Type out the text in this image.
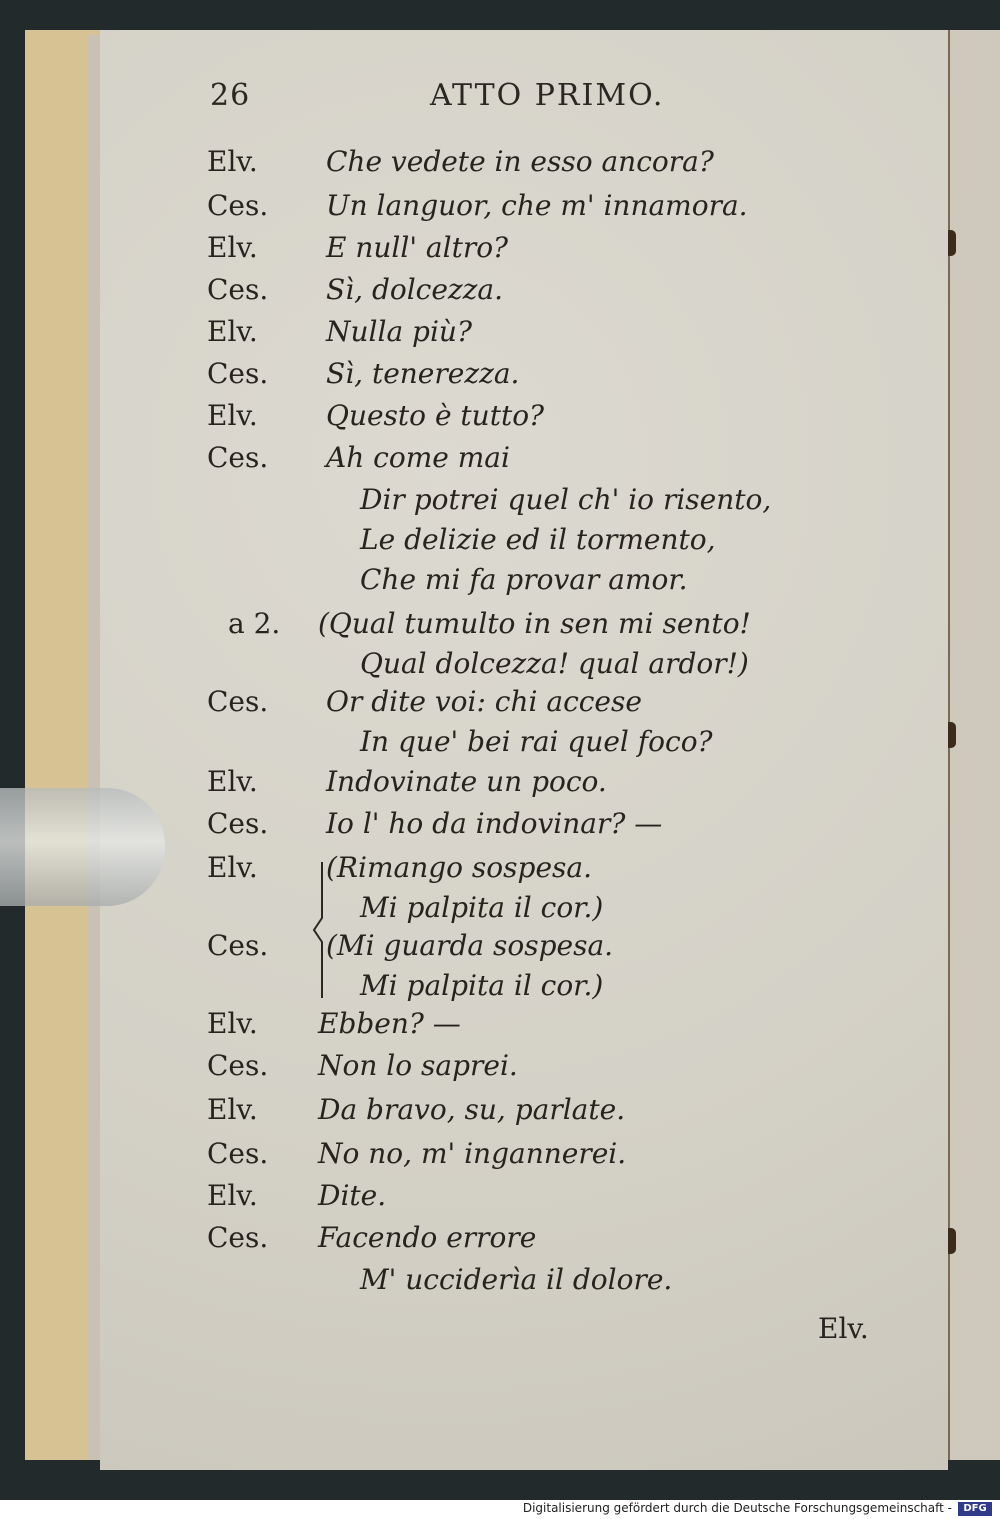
26	ATTO PRIMO.
Elv. Che vedete in esso ancora?
Ces. Un languor, che m' innamora.
Elv. E null' altro?
Ces. Sì, dolcezza.
Elv. Nulla più?
Ces. Sì, tenerezza.
Elv. Questo è tutto?
Ces. Ah come mai
Dir potrei quel ch' io risento,
Le delizie ed il tormento,
Che mi fa provar amor.
a 2. (Qual tumulto in sen mi sento!
Qual dolcezza! qual ardor!)
Ces. Or dite voi: chi accese
In que' bei rai quel foco?
Elv. Indovinate un poco.
Ces. Io l' ho da indovinar? —
Elv. (Rimango sospesa.
Mi palpita il cor.)
Ces. (Mi guarda sospesa.
Mi palpita il cor.)
Elv. Ebben? —
Ces. Non lo saprei.
Elv. Da bravo, su, parlate.
Ces. No no, m' ingannerei.
Elv. Dite.
Ces. Facendo errore
M' ucciderìa il dolore.
Elv.
Digitalisierung gefördert durch die Deutsche Forschungsgemeinschaft -	DFG
